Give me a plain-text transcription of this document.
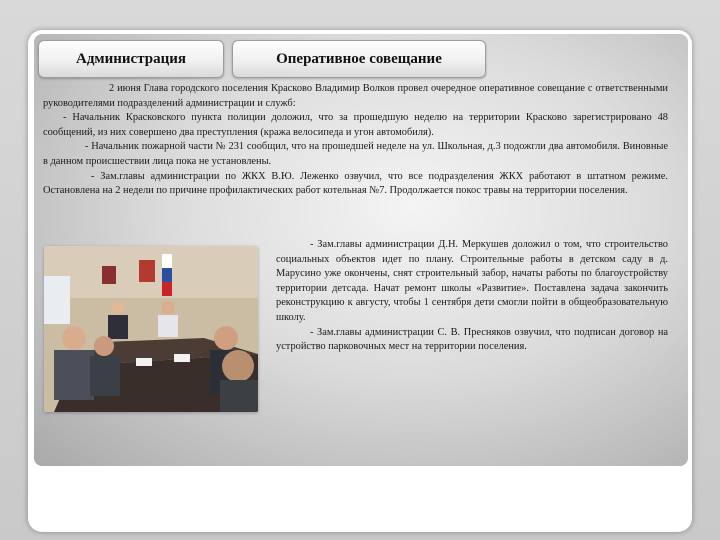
Администрация	Оперативное совещание

2 июня Глава городского поселения Красково Владимир Волков провел очередное оперативное совещание с ответственными руководителями подразделений администрации и служб:

- Начальник Красковского пункта полиции доложил, что за прошедшую неделю на территории Красково зарегистрировано 48 сообщений, из них совершено два преступления (кража велосипеда и угон автомобиля).

- Начальник пожарной части № 231 сообщил, что на прошедшей неделе на ул. Школьная, д.3 подожгли два автомобиля. Виновные в данном происшествии лица пока не установлены.

- Зам.главы администрации по ЖКХ В.Ю. Леженко озвучил, что все подразделения ЖКХ работают в штатном режиме. Остановлена на 2 недели по причине профилактических работ котельная №7. Продолжается покос травы на территории поселения.

- Зам.главы администрации Д.Н. Меркушев доложил о том, что строительство социальных объектов идет по плану. Строительные работы в детском саду в д. Марусино уже окончены, снят строительный забор, начаты работы по благоустройству территории детсада. Начат ремонт школы «Развитие». Поставлена задача закончить реконструкцию к августу, чтобы 1 сентября дети смогли пойти в общеобразовательную школу.

- Зам.главы администрации С. В. Пресняков озвучил, что подписан договор на устройство парковочных мест на территории поселения.
